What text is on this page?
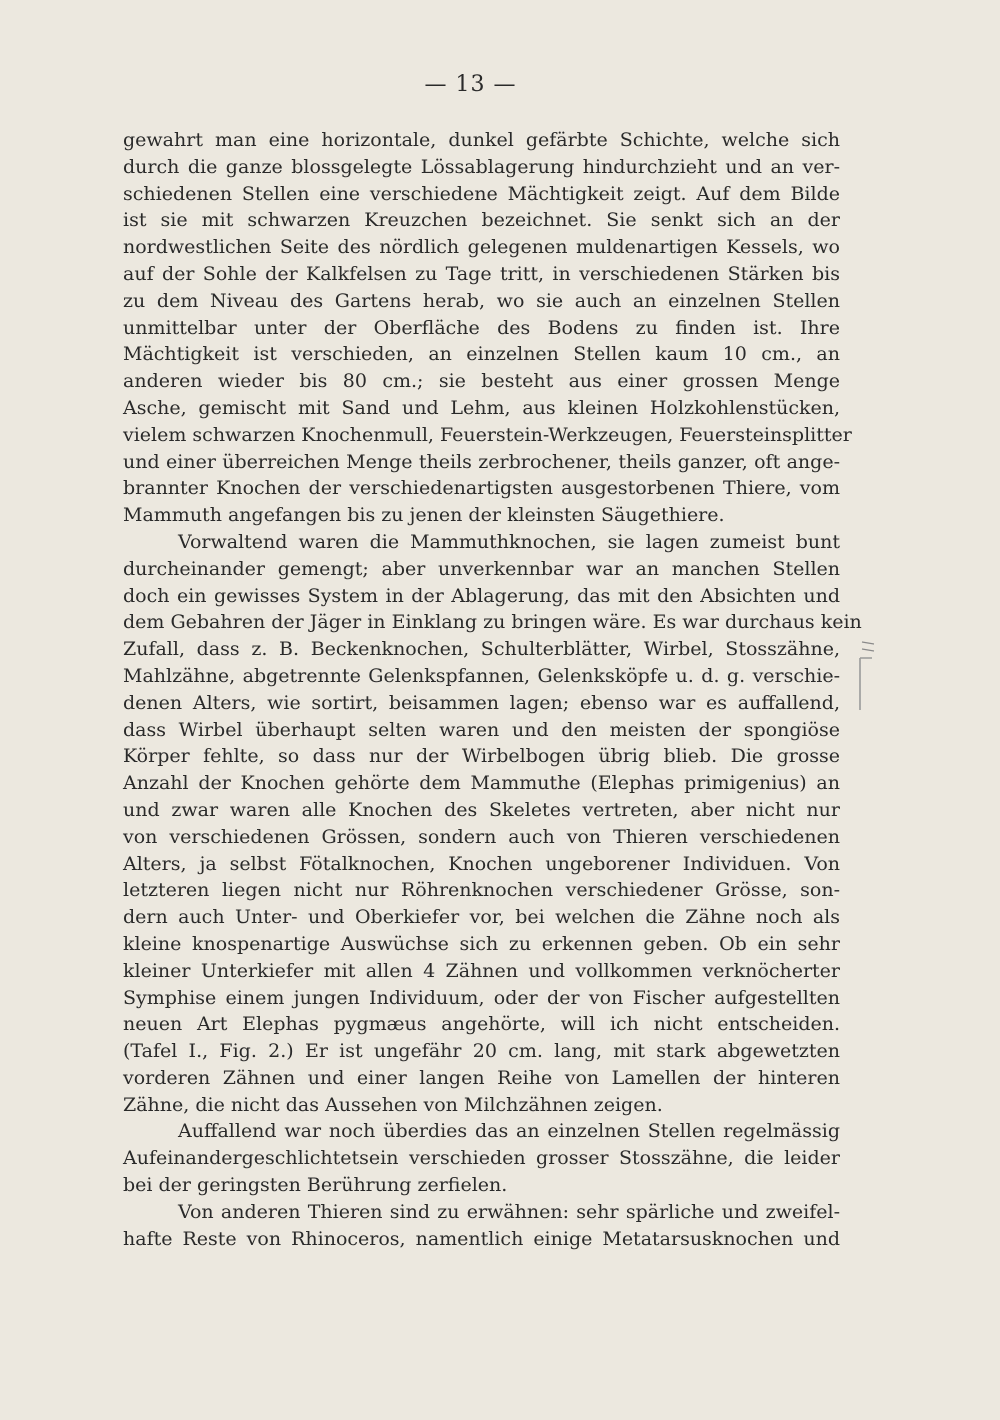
— 13 —
gewahrt man eine horizontale, dunkel gefärbte Schichte, welche sich
durch die ganze blossgelegte Lössablagerung hindurchzieht und an ver-
schiedenen Stellen eine verschiedene Mächtigkeit zeigt. Auf dem Bilde
ist sie mit schwarzen Kreuzchen bezeichnet. Sie senkt sich an der
nordwestlichen Seite des nördlich gelegenen muldenartigen Kessels, wo
auf der Sohle der Kalkfelsen zu Tage tritt, in verschiedenen Stärken bis
zu dem Niveau des Gartens herab, wo sie auch an einzelnen Stellen
unmittelbar unter der Oberfläche des Bodens zu finden ist. Ihre
Mächtigkeit ist verschieden, an einzelnen Stellen kaum 10 cm., an
anderen wieder bis 80 cm.; sie besteht aus einer grossen Menge
Asche, gemischt mit Sand und Lehm, aus kleinen Holzkohlenstücken,
vielem schwarzen Knochenmull, Feuerstein-Werkzeugen, Feuersteinsplitter
und einer überreichen Menge theils zerbrochener, theils ganzer, oft ange-
brannter Knochen der verschiedenartigsten ausgestorbenen Thiere, vom
Mammuth angefangen bis zu jenen der kleinsten Säugethiere.
Vorwaltend waren die Mammuthknochen, sie lagen zumeist bunt
durcheinander gemengt; aber unverkennbar war an manchen Stellen
doch ein gewisses System in der Ablagerung, das mit den Absichten und
dem Gebahren der Jäger in Einklang zu bringen wäre. Es war durchaus kein
Zufall, dass z. B. Beckenknochen, Schulterblätter, Wirbel, Stosszähne,
Mahlzähne, abgetrennte Gelenkspfannen, Gelenksköpfe u. d. g. verschie-
denen Alters, wie sortirt, beisammen lagen; ebenso war es auffallend,
dass Wirbel überhaupt selten waren und den meisten der spongiöse
Körper fehlte, so dass nur der Wirbelbogen übrig blieb. Die grosse
Anzahl der Knochen gehörte dem Mammuthe (Elephas primigenius) an
und zwar waren alle Knochen des Skeletes vertreten, aber nicht nur
von verschiedenen Grössen, sondern auch von Thieren verschiedenen
Alters, ja selbst Fötalknochen, Knochen ungeborener Individuen. Von
letzteren liegen nicht nur Röhrenknochen verschiedener Grösse, son-
dern auch Unter- und Oberkiefer vor, bei welchen die Zähne noch als
kleine knospenartige Auswüchse sich zu erkennen geben. Ob ein sehr
kleiner Unterkiefer mit allen 4 Zähnen und vollkommen verknöcherter
Symphise einem jungen Individuum, oder der von Fischer aufgestellten
neuen Art Elephas pygmæus angehörte, will ich nicht entscheiden.
(Tafel I., Fig. 2.) Er ist ungefähr 20 cm. lang, mit stark abgewetzten
vorderen Zähnen und einer langen Reihe von Lamellen der hinteren
Zähne, die nicht das Aussehen von Milchzähnen zeigen.
Auffallend war noch überdies das an einzelnen Stellen regelmässig
Aufeinandergeschlichtetsein verschieden grosser Stosszähne, die leider
bei der geringsten Berührung zerfielen.
Von anderen Thieren sind zu erwähnen: sehr spärliche und zweifel-
hafte Reste von Rhinoceros, namentlich einige Metatarsusknochen und
